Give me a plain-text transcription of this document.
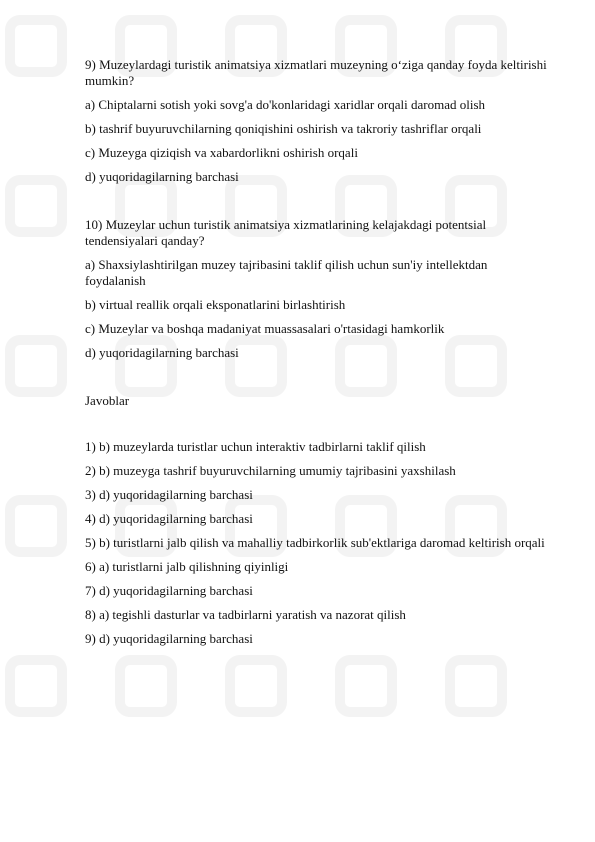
9) Muzeylardagi turistik animatsiya xizmatlari muzeyning o‘ziga qanday foyda keltirishi mumkin?

a) Chiptalarni sotish yoki sovg'a do'konlaridagi xaridlar orqali daromad olish

b) tashrif buyuruvchilarning qoniqishini oshirish va takroriy tashriflar orqali

c) Muzeyga qiziqish va xabardorlikni oshirish orqali

d) yuqoridagilarning barchasi

10) Muzeylar uchun turistik animatsiya xizmatlarining kelajakdagi potentsial tendensiyalari qanday?

a) Shaxsiylashtirilgan muzey tajribasini taklif qilish uchun sun'iy intellektdan foydalanish

b) virtual reallik orqali eksponatlarini birlashtirish

c) Muzeylar va boshqa madaniyat muassasalari o'rtasidagi hamkorlik

d) yuqoridagilarning barchasi

Javoblar

1) b) muzeylarda turistlar uchun interaktiv tadbirlarni taklif qilish

2) b) muzeyga tashrif buyuruvchilarning umumiy tajribasini yaxshilash

3) d) yuqoridagilarning barchasi

4) d) yuqoridagilarning barchasi

5) b) turistlarni jalb qilish va mahalliy tadbirkorlik sub'ektlariga daromad keltirish orqali

6) a) turistlarni jalb qilishning qiyinligi

7) d) yuqoridagilarning barchasi

8) a) tegishli dasturlar va tadbirlarni yaratish va nazorat qilish

9) d) yuqoridagilarning barchasi
